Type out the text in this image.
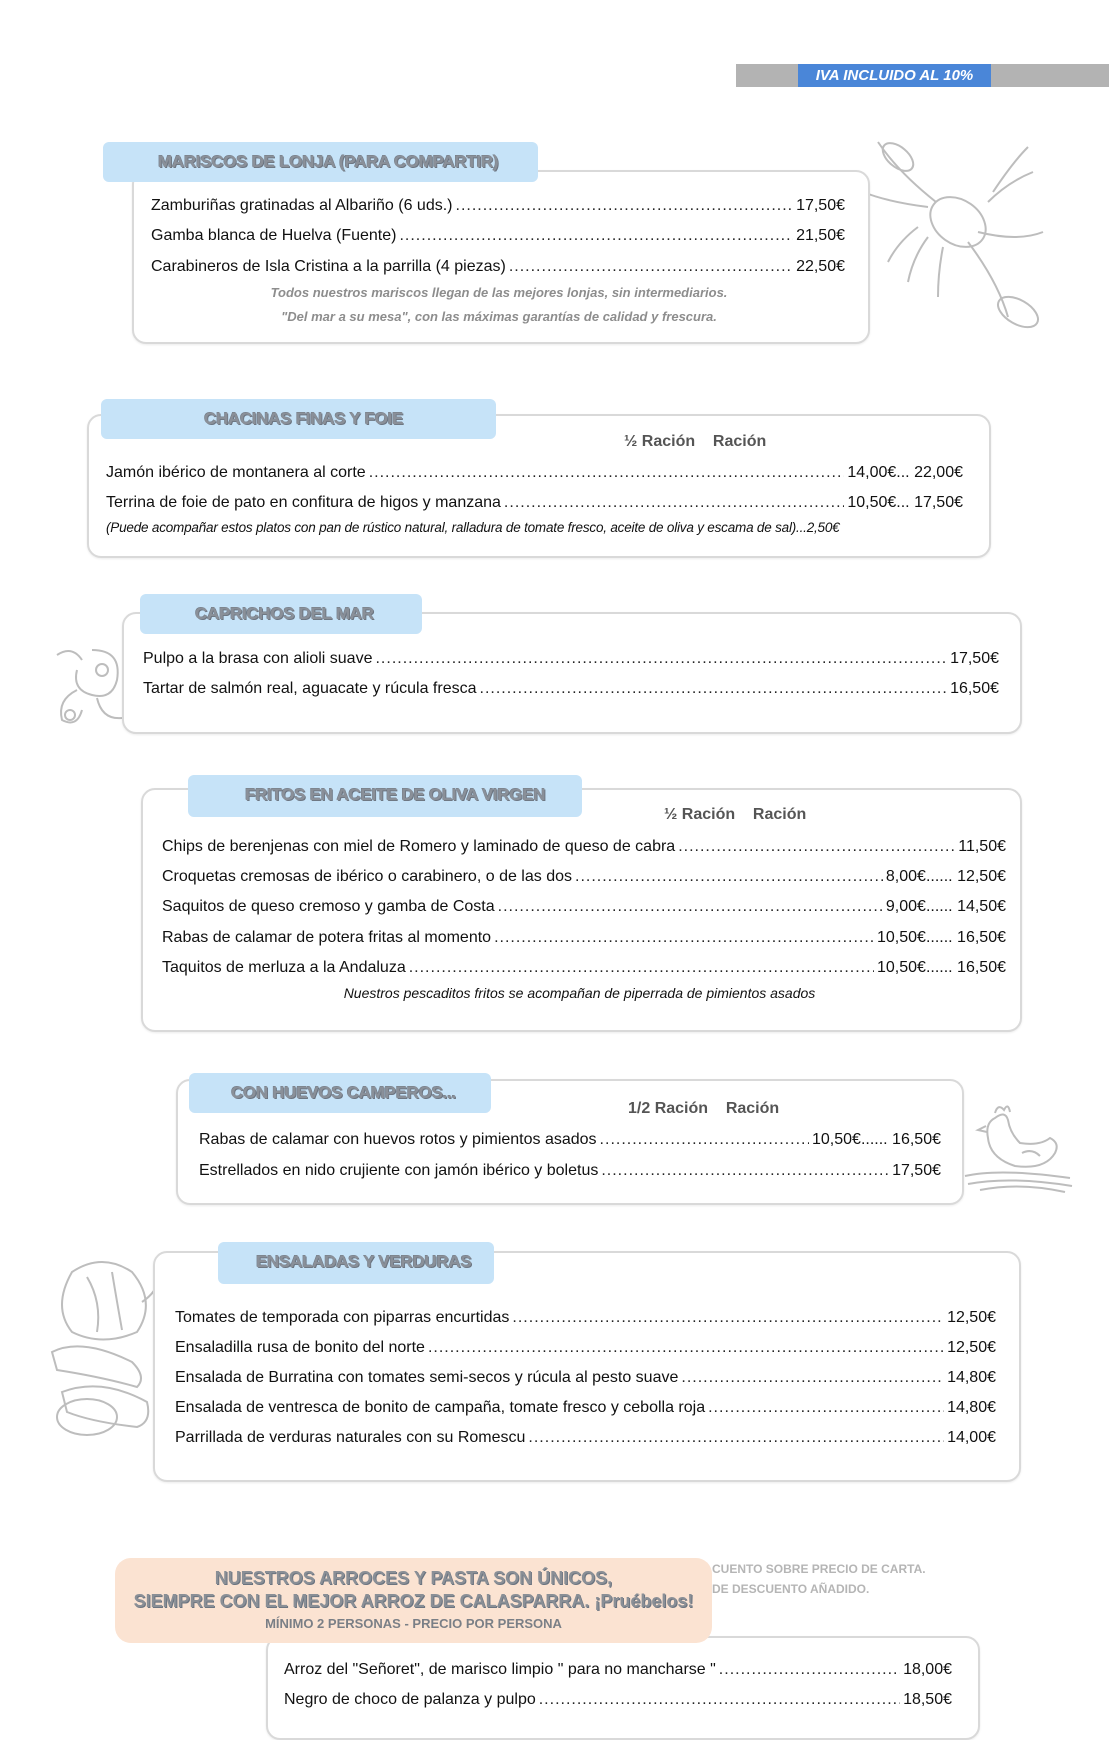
IVA INCLUIDO AL 10%
MARISCOS DE LONJA (PARA COMPARTIR)
Zamburiñas gratinadas al Albariño (6 uds.) .....	17,50€
Gamba blanca de Huelva (Fuente) .....	21,50€
Carabineros de Isla Cristina a la parrilla (4 piezas) .....	22,50€
Todos nuestros mariscos llegan de las mejores lonjas, sin intermediarios.
"Del mar a su mesa", con las máximas garantías de calidad y frescura.
CHACINAS FINAS Y FOIE
½ Ración    Ración
Jamón ibérico de montanera al corte .....	14,00€... 22,00€
Terrina de foie de pato en confitura de higos y manzana .....	10,50€... 17,50€
(Puede acompañar estos platos con pan de rústico natural, ralladura de tomate fresco, aceite de oliva y escama de sal)...2,50€
CAPRICHOS DEL MAR
Pulpo a la brasa con alioli suave .....	17,50€
Tartar de salmón real, aguacate y rúcula fresca .....	16,50€
FRITOS EN ACEITE DE OLIVA VIRGEN
½ Ración    Ración
Chips de berenjenas con miel de Romero y laminado de queso de cabra .....	11,50€
Croquetas cremosas de ibérico o carabinero, o de las dos .....	8,00€...... 12,50€
Saquitos de queso cremoso y gamba de Costa .....	9,00€...... 14,50€
Rabas de calamar de potera fritas al momento .....	10,50€...... 16,50€
Taquitos de merluza a la Andaluza .....	10,50€...... 16,50€
Nuestros pescaditos fritos se acompañan de piperrada de pimientos asados
CON HUEVOS CAMPEROS...
1/2 Ración    Ración
Rabas de calamar con huevos rotos y pimientos asados .....	10,50€...... 16,50€
Estrellados en nido crujiente con jamón ibérico y boletus .....	17,50€
ENSALADAS Y VERDURAS
Tomates de temporada con piparras encurtidas .....	12,50€
Ensaladilla rusa de bonito del norte .....	12,50€
Ensalada de Burratina con tomates semi-secos y rúcula al pesto suave .....	14,80€
Ensalada de ventresca de bonito de campaña, tomate fresco y cebolla roja .....	14,80€
Parrillada de verduras naturales con su Romescu .....	14,00€
CUENTO SOBRE PRECIO DE CARTA.
DE DESCUENTO AÑADIDO.
NUESTROS ARROCES Y PASTA SON ÚNICOS,
SIEMPRE CON EL MEJOR ARROZ DE CALASPARRA. ¡Pruébelos!
MÍNIMO 2 PERSONAS - PRECIO POR PERSONA
Arroz del "Señoret", de marisco limpio " para no mancharse " .....	18,00€
Negro de choco de palanza y pulpo .....	18,50€
